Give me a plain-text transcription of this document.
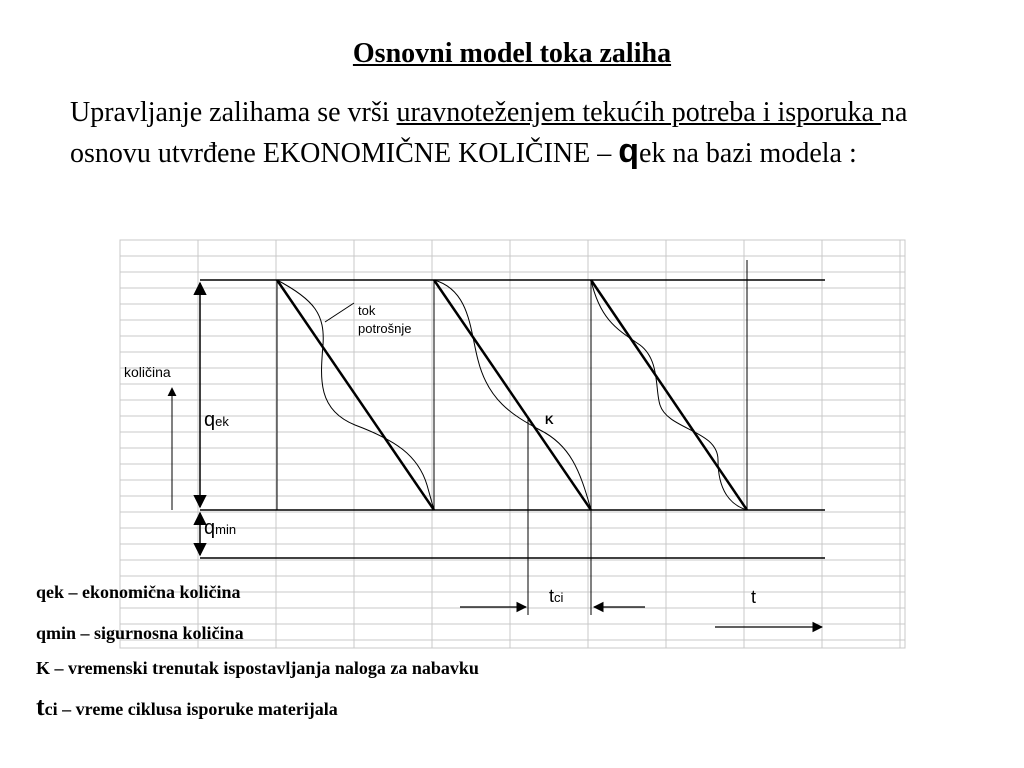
Osnovni model toka zaliha

Upravljanje zalihama se vrši uravnoteženjem tekućih potreba i isporuka na osnovu utvrđene EKONOMIČNE KOLIČINE – qek na bazi modela :

tok
potrošnje
količina
qek
qmin
K
tci	t

qek – ekonomična količina

qmin – sigurnosna količina

K – vremenski trenutak ispostavljanja naloga za nabavku

tci – vreme ciklusa isporuke materijala
